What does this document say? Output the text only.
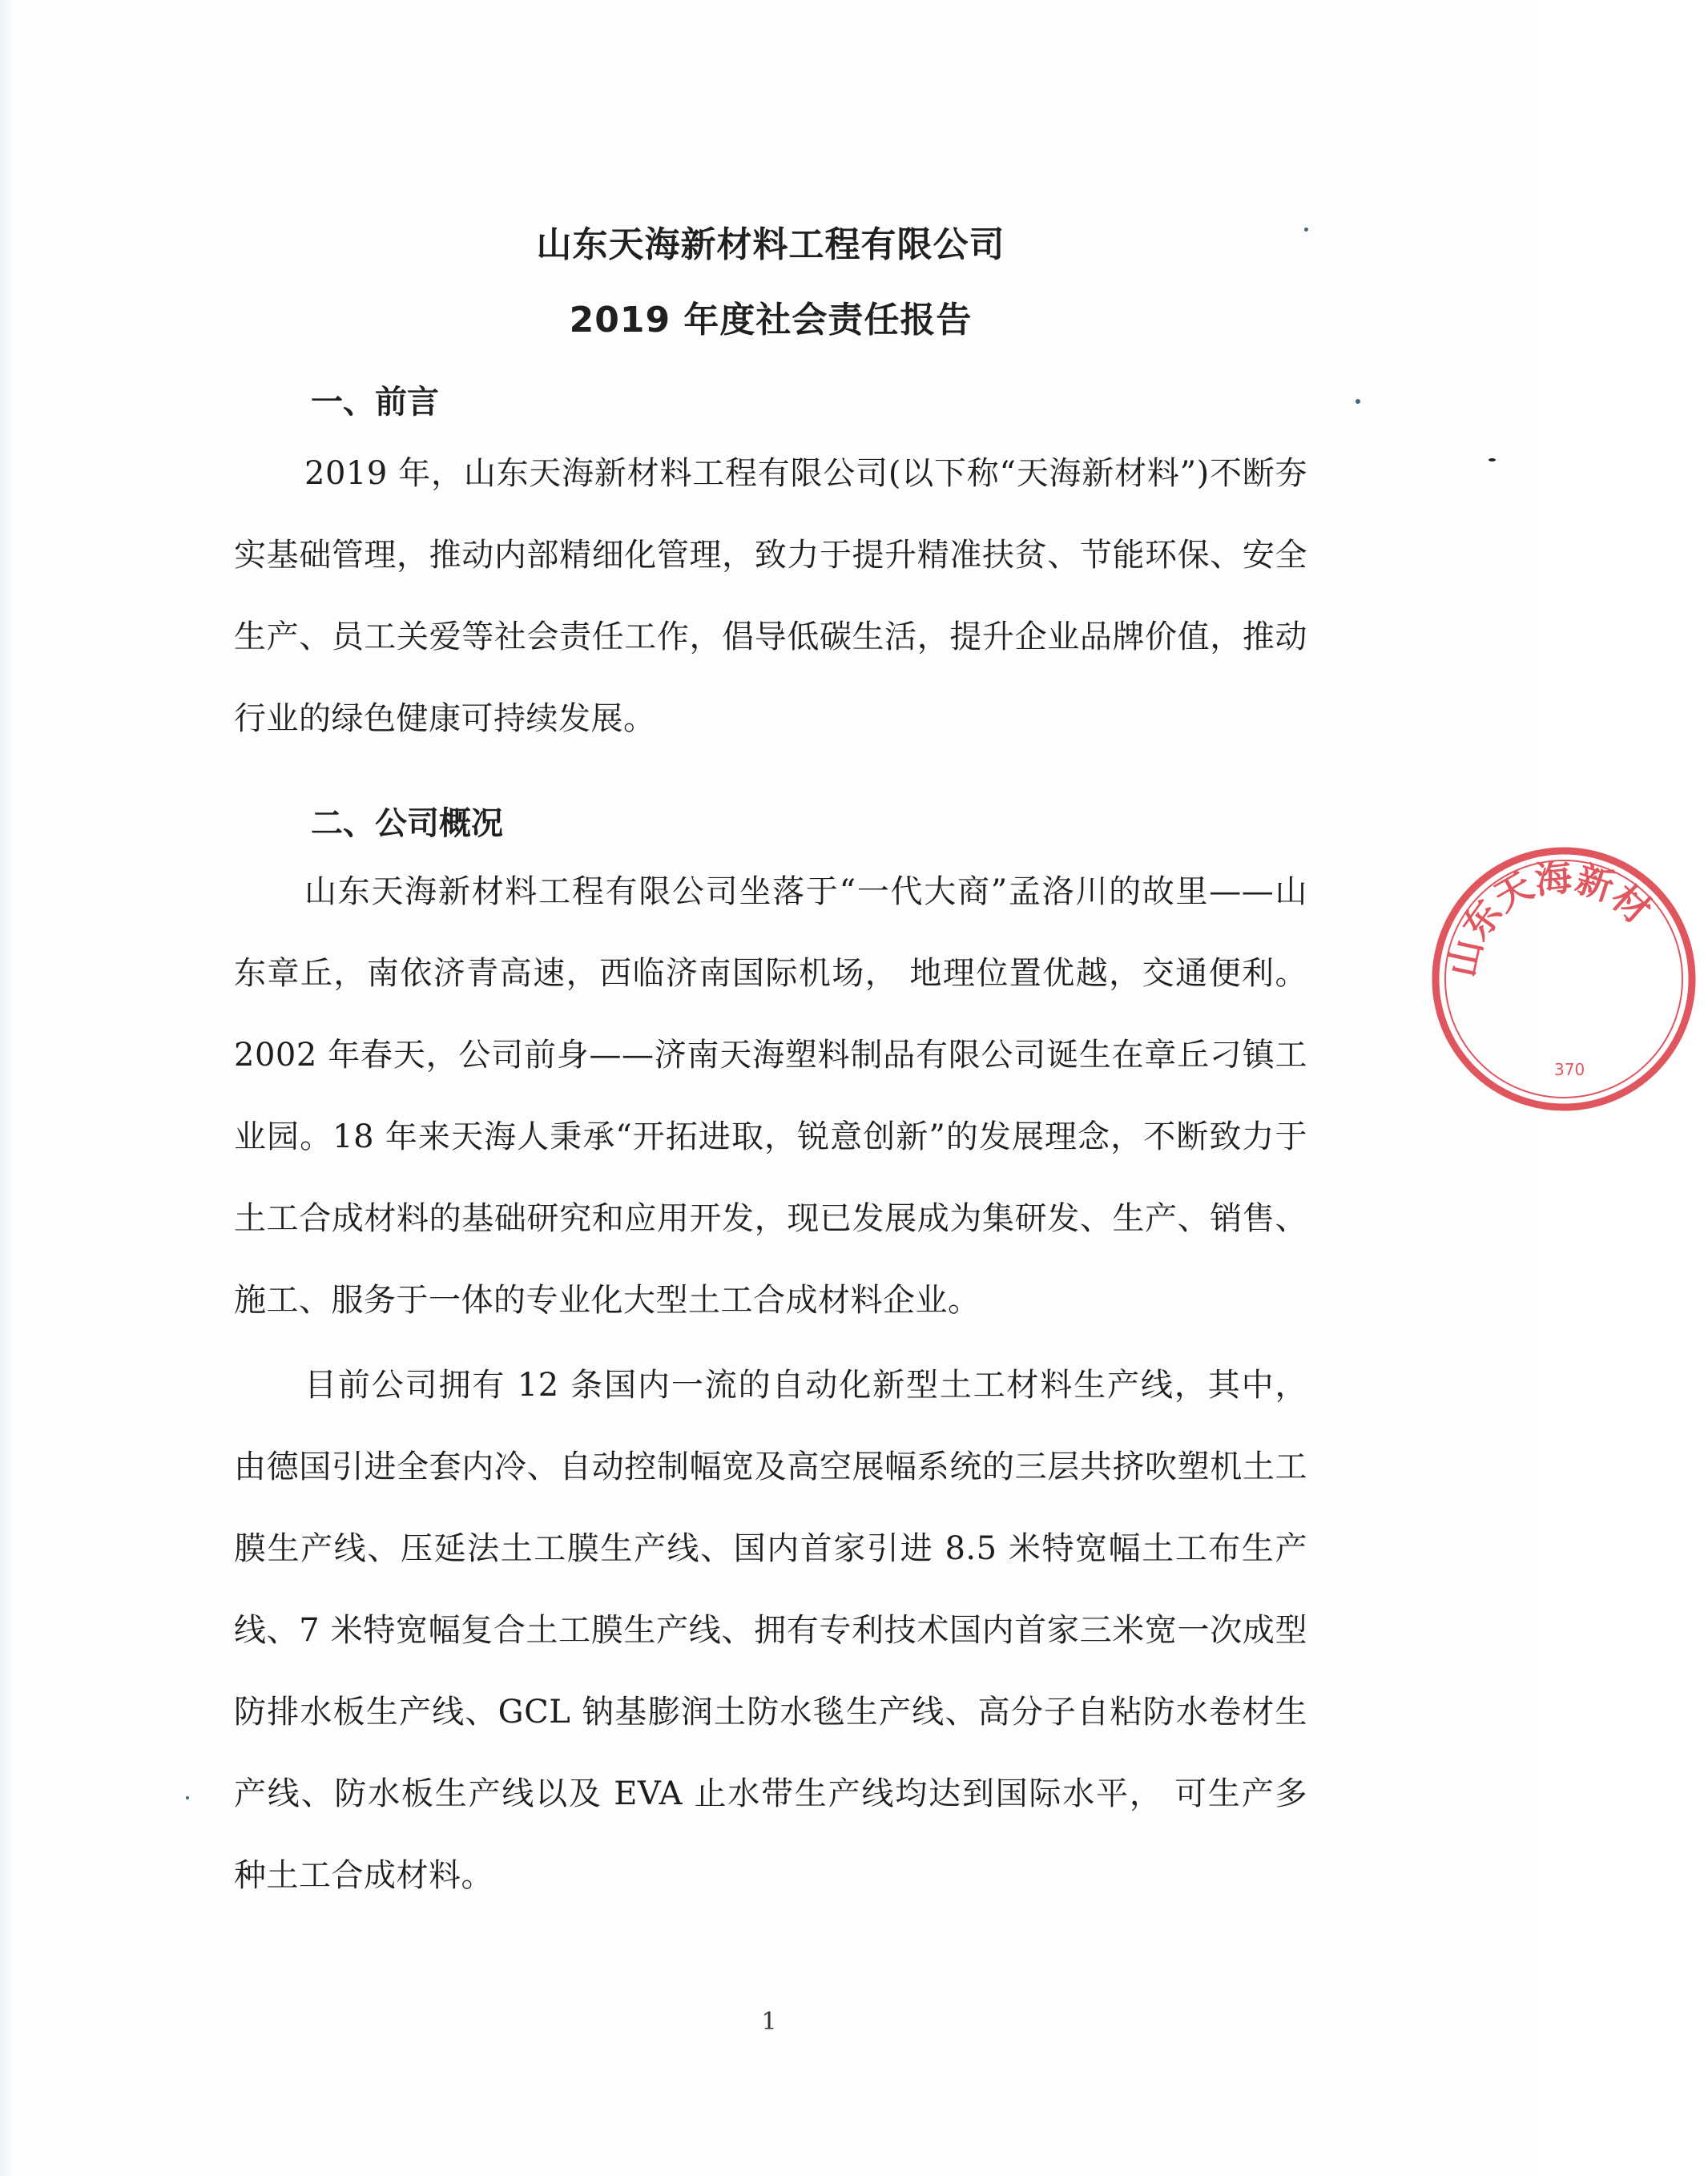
山东天海新材料工程有限公司
2019 年度社会责任报告
一、前言

2019 年，山东天海新材料工程有限公司(以下称“天海新材料”)不断夯实基础管理，推动内部精细化管理，致力于提升精准扶贫、节能环保、安全生产、员工关爱等社会责任工作，倡导低碳生活，提升企业品牌价值，推动行业的绿色健康可持续发展。

二、公司概况

山东天海新材料工程有限公司坐落于“一代大商”孟洛川的故里——山东章丘，南依济青高速，西临济南国际机场， 地理位置优越，交通便利。2002 年春天，公司前身——济南天海塑料制品有限公司诞生在章丘刁镇工业园。18 年来天海人秉承“开拓进取，锐意创新”的发展理念，不断致力于土工合成材料的基础研究和应用开发，现已发展成为集研发、生产、销售、施工、服务于一体的专业化大型土工合成材料企业。

目前公司拥有 12 条国内一流的自动化新型土工材料生产线，其中，由德国引进全套内冷、自动控制幅宽及高空展幅系统的三层共挤吹塑机土工膜生产线、压延法土工膜生产线、国内首家引进 8.5 米特宽幅土工布生产线、7 米特宽幅复合土工膜生产线、拥有专利技术国内首家三米宽一次成型防排水板生产线、GCL 钠基膨润土防水毯生产线、高分子自粘防水卷材生产线、防水板生产线以及 EVA 止水带生产线均达到国际水平， 可生产多种土工合成材料。

1
山东天海新材
370
